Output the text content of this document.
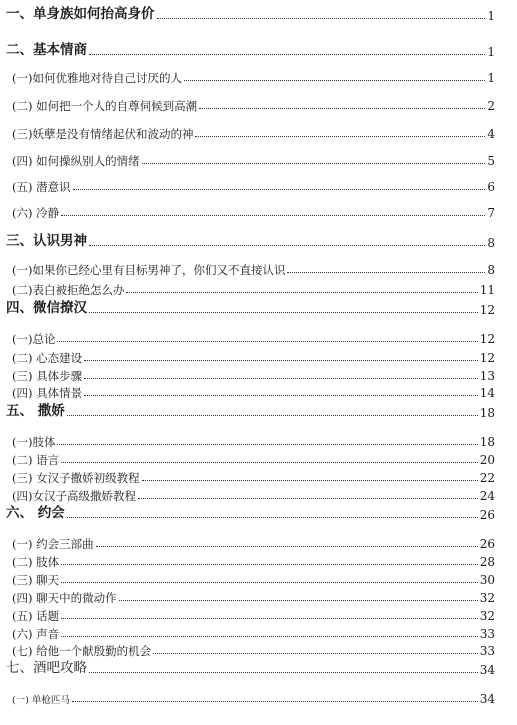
一、单身族如何抬高身价	1
二、基本情商	1
(一)如何优雅地对待自己讨厌的人	1
(二) 如何把一个人的自尊伺候到高潮	2
(三)妖孽是没有情绪起伏和波动的神	4
(四) 如何操纵别人的情绪	5
(五) 潜意识	6
(六) 冷静	7
三、认识男神	8
(一)如果你已经心里有目标男神了，你们又不直接认识	8
(二)表白被拒绝怎么办	11
四、微信撩汉	12
(一)总论	12
(二) 心态建设	12
(三) 具体步骤	13
(四) 具体情景	14
五、 撒娇	18
(一)肢体	18
(二) 语言	20
(三) 女汉子撒娇初级教程	22
(四)女汉子高级撒娇教程	24
六、 约会	26
(一) 约会三部曲	26
(二) 肢体	28
(三) 聊天	30
(四) 聊天中的微动作	32
(五) 话题	32
(六) 声音	33
(七) 给他一个献殷勤的机会	33
七、酒吧攻略	34
(一) 单枪匹马	34
